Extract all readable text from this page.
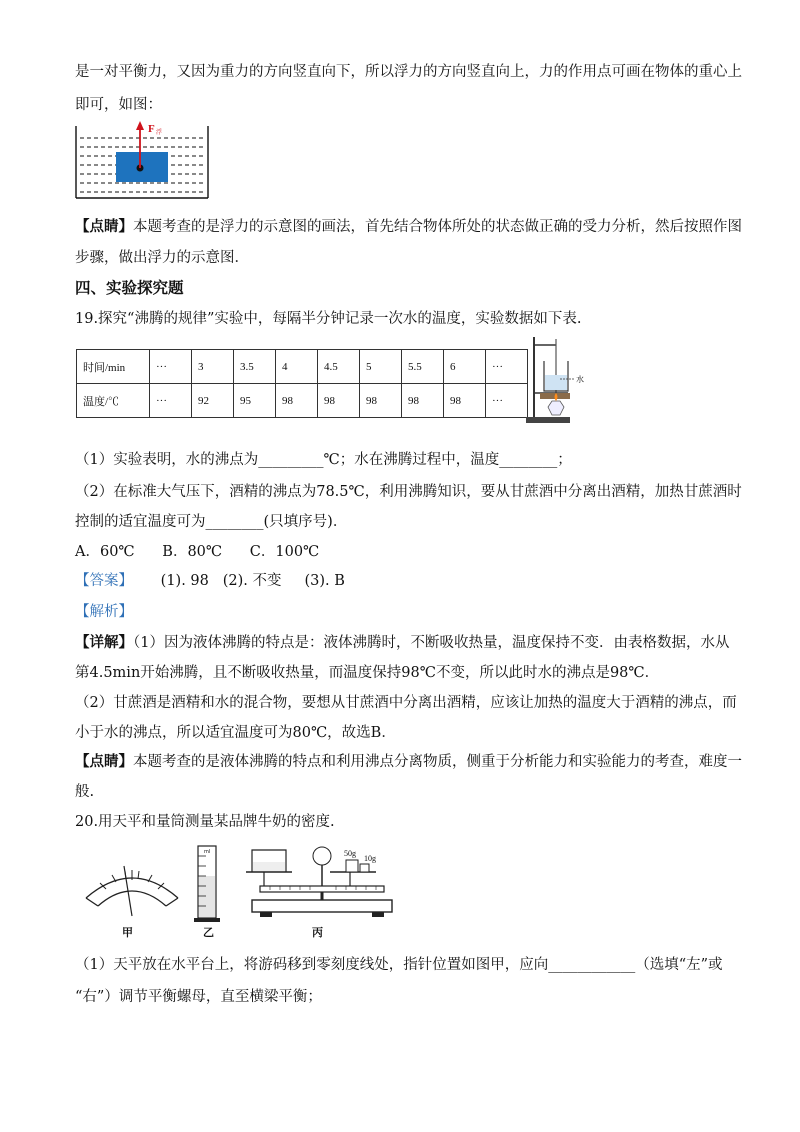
是一对平衡力，又因为重力的方向竖直向下，所以浮力的方向竖直向上，力的作用点可画在物体的重心上
即可，如图：
F 浮
【点睛】本题考查的是浮力的示意图的画法，首先结合物体所处的状态做正确的受力分析，然后按照作图
步骤，做出浮力的示意图．
四、实验探究题
19.探究“沸腾的规律”实验中，每隔半分钟记录一次水的温度，实验数据如下表.
时间/min	···	3	3.5	4	4.5	5	5.5	6	···
温度/℃	···	92	95	98	98	98	98	98	···
水
（1）实验表明，水的沸点为_________℃；水在沸腾过程中，温度________；
（2）在标准大气压下，酒精的沸点为78.5℃，利用沸腾知识，要从甘蔗酒中分离出酒精，加热甘蔗酒时
控制的适宜温度可为________(只填序号)．
A．60℃      B．80℃      C．100℃
【答案】 (1). 98   (2). 不变     (3). B
【解析】
【详解】（1）因为液体沸腾的特点是：液体沸腾时，不断吸收热量，温度保持不变．由表格数据，水从
第4.5min开始沸腾，且不断吸收热量，而温度保持98℃不变，所以此时水的沸点是98℃．
（2）甘蔗酒是酒精和水的混合物，要想从甘蔗酒中分离出酒精，应该让加热的温度大于酒精的沸点，而
小于水的沸点，所以适宜温度可为80℃，故选B．
【点睛】本题考查的是液体沸腾的特点和利用沸点分离物质，侧重于分析能力和实验能力的考查，难度一
般.
20.用天平和量筒测量某品牌牛奶的密度.
甲
ml
乙
50g
10g
丙
（1）天平放在水平台上，将游码移到零刻度线处，指针位置如图甲，应向____________（选填“左”或
“右”）调节平衡螺母，直至横梁平衡；
